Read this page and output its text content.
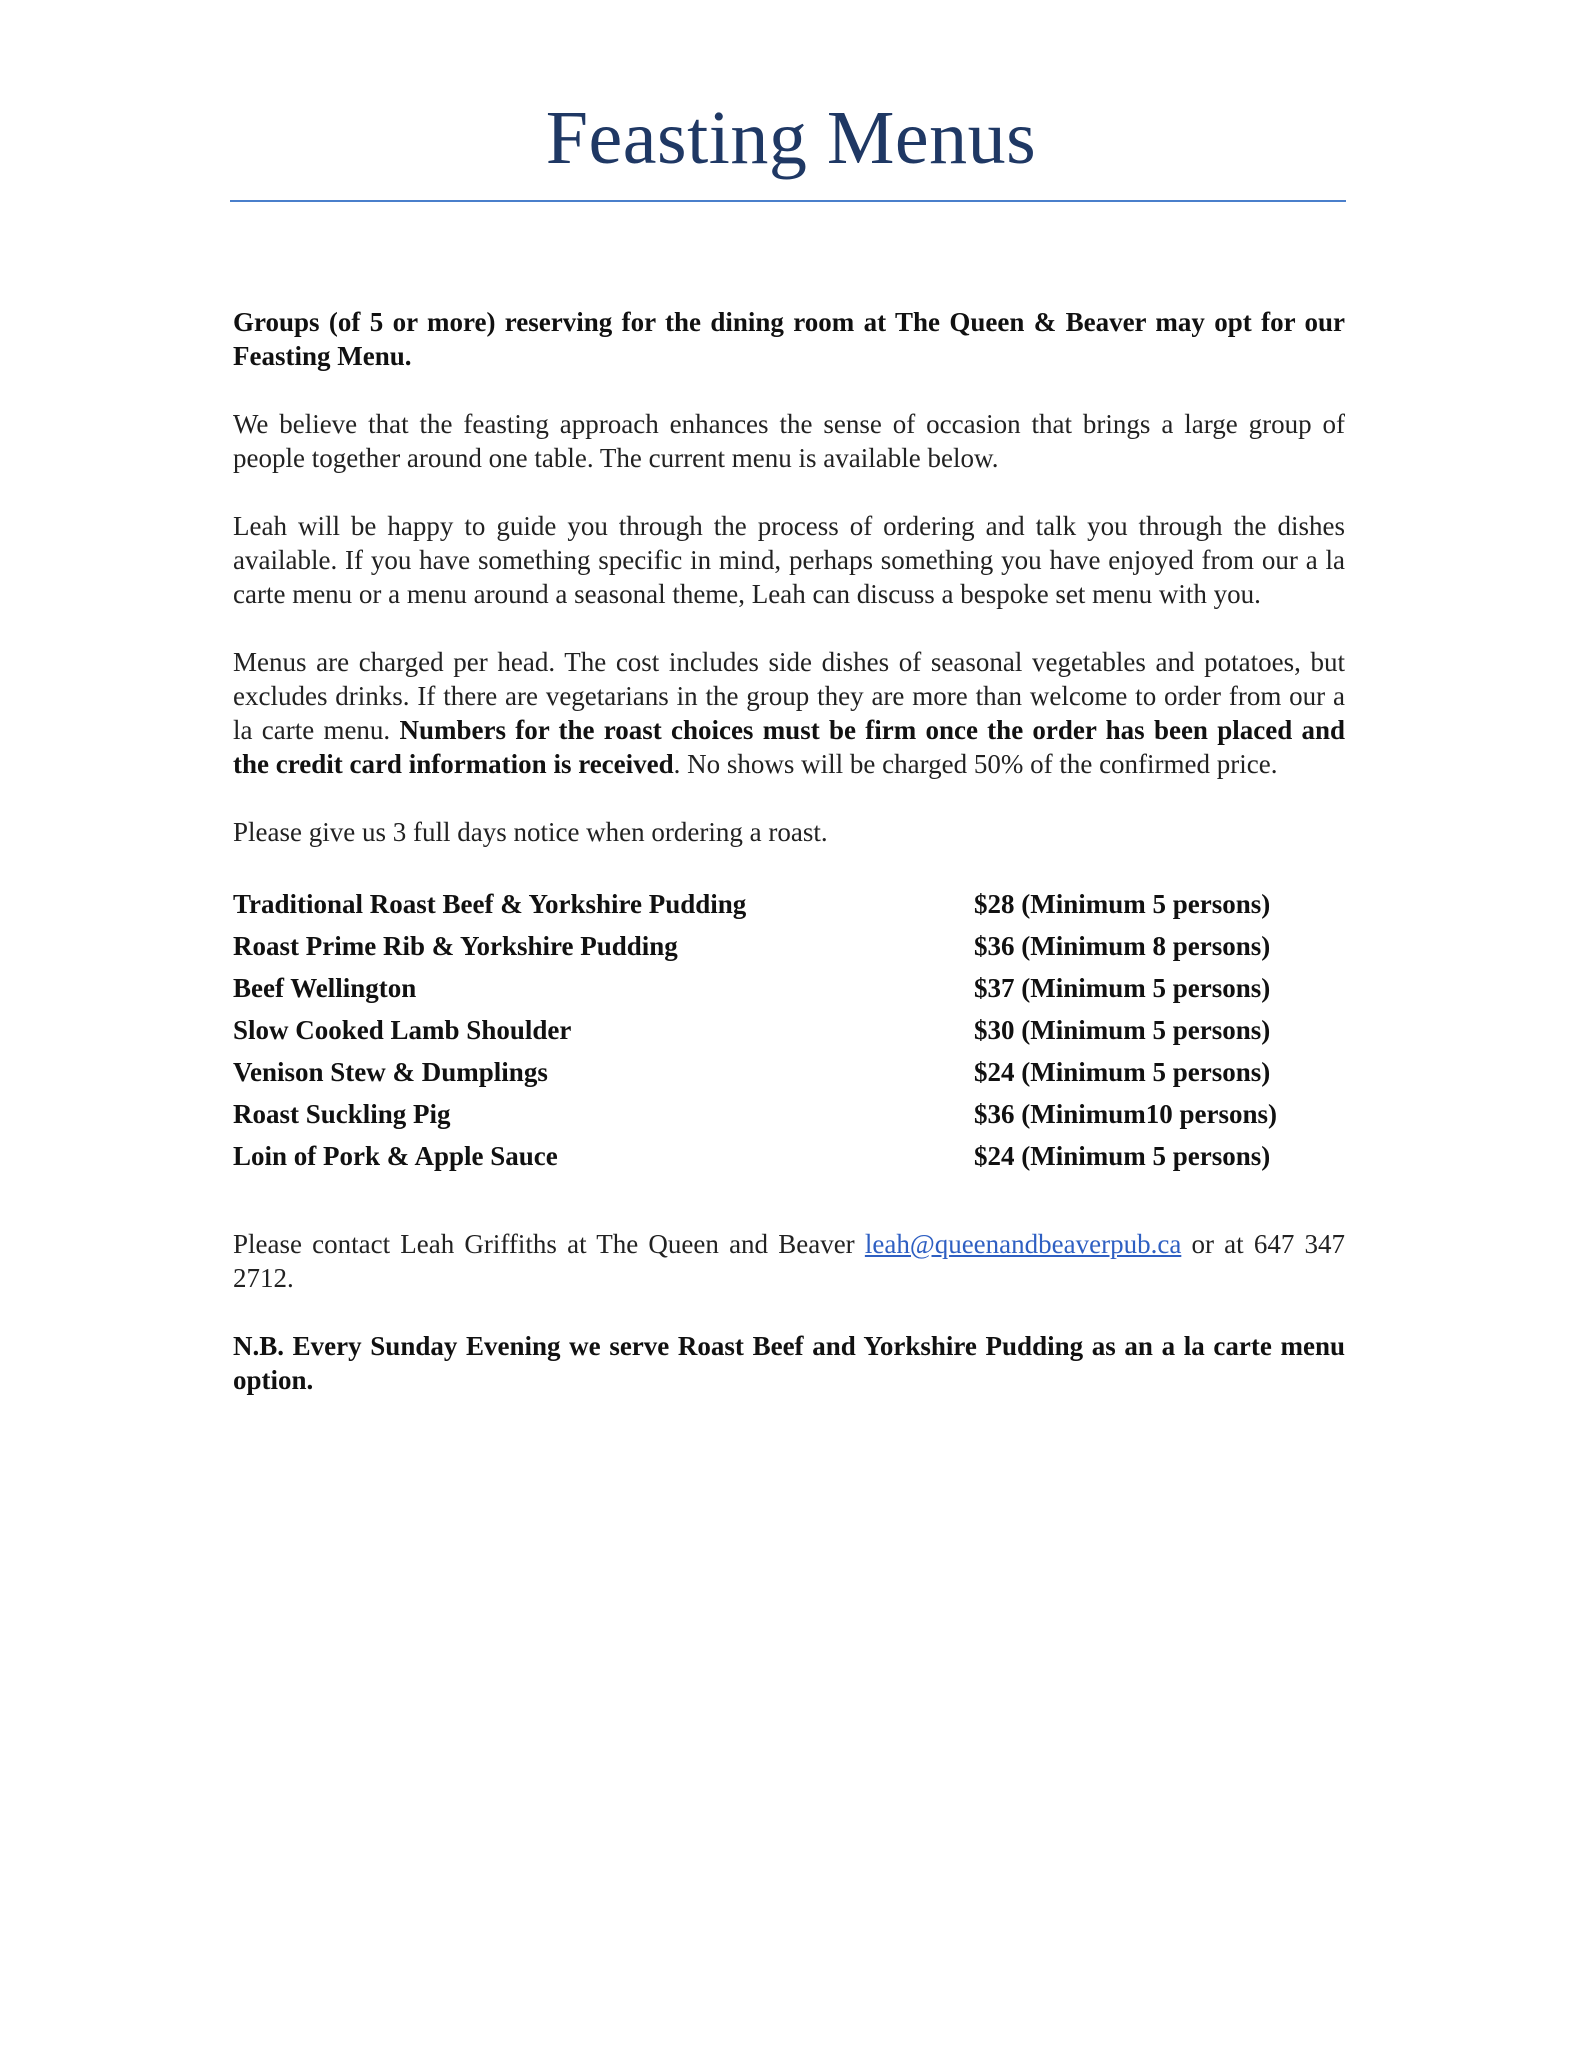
Feasting Menus

Groups (of 5 or more) reserving for the dining room at The Queen & Beaver may opt for our Feasting Menu.

We believe that the feasting approach enhances the sense of occasion that brings a large group of people together around one table. The current menu is available below.

Leah will be happy to guide you through the process of ordering and talk you through the dishes available. If you have something specific in mind, perhaps something you have enjoyed from our a la carte menu or a menu around a seasonal theme, Leah can discuss a bespoke set menu with you.

Menus are charged per head. The cost includes side dishes of seasonal vegetables and potatoes, but excludes drinks. If there are vegetarians in the group they are more than welcome to order from our a la carte menu. Numbers for the roast choices must be firm once the order has been placed and the credit card information is received. No shows will be charged 50% of the confirmed price.

Please give us 3 full days notice when ordering a roast.

Traditional Roast Beef & Yorkshire Pudding	$28 (Minimum 5 persons)
Roast Prime Rib & Yorkshire Pudding	$36 (Minimum 8 persons)
Beef Wellington	$37 (Minimum 5 persons)
Slow Cooked Lamb Shoulder	$30 (Minimum 5 persons)
Venison Stew & Dumplings	$24 (Minimum 5 persons)
Roast Suckling Pig	$36 (Minimum10 persons)
Loin of Pork & Apple Sauce	$24 (Minimum 5 persons)

Please contact Leah Griffiths at The Queen and Beaver leah@queenandbeaverpub.ca or at 647 347 2712.

N.B. Every Sunday Evening we serve Roast Beef and Yorkshire Pudding as an a la carte menu option.
